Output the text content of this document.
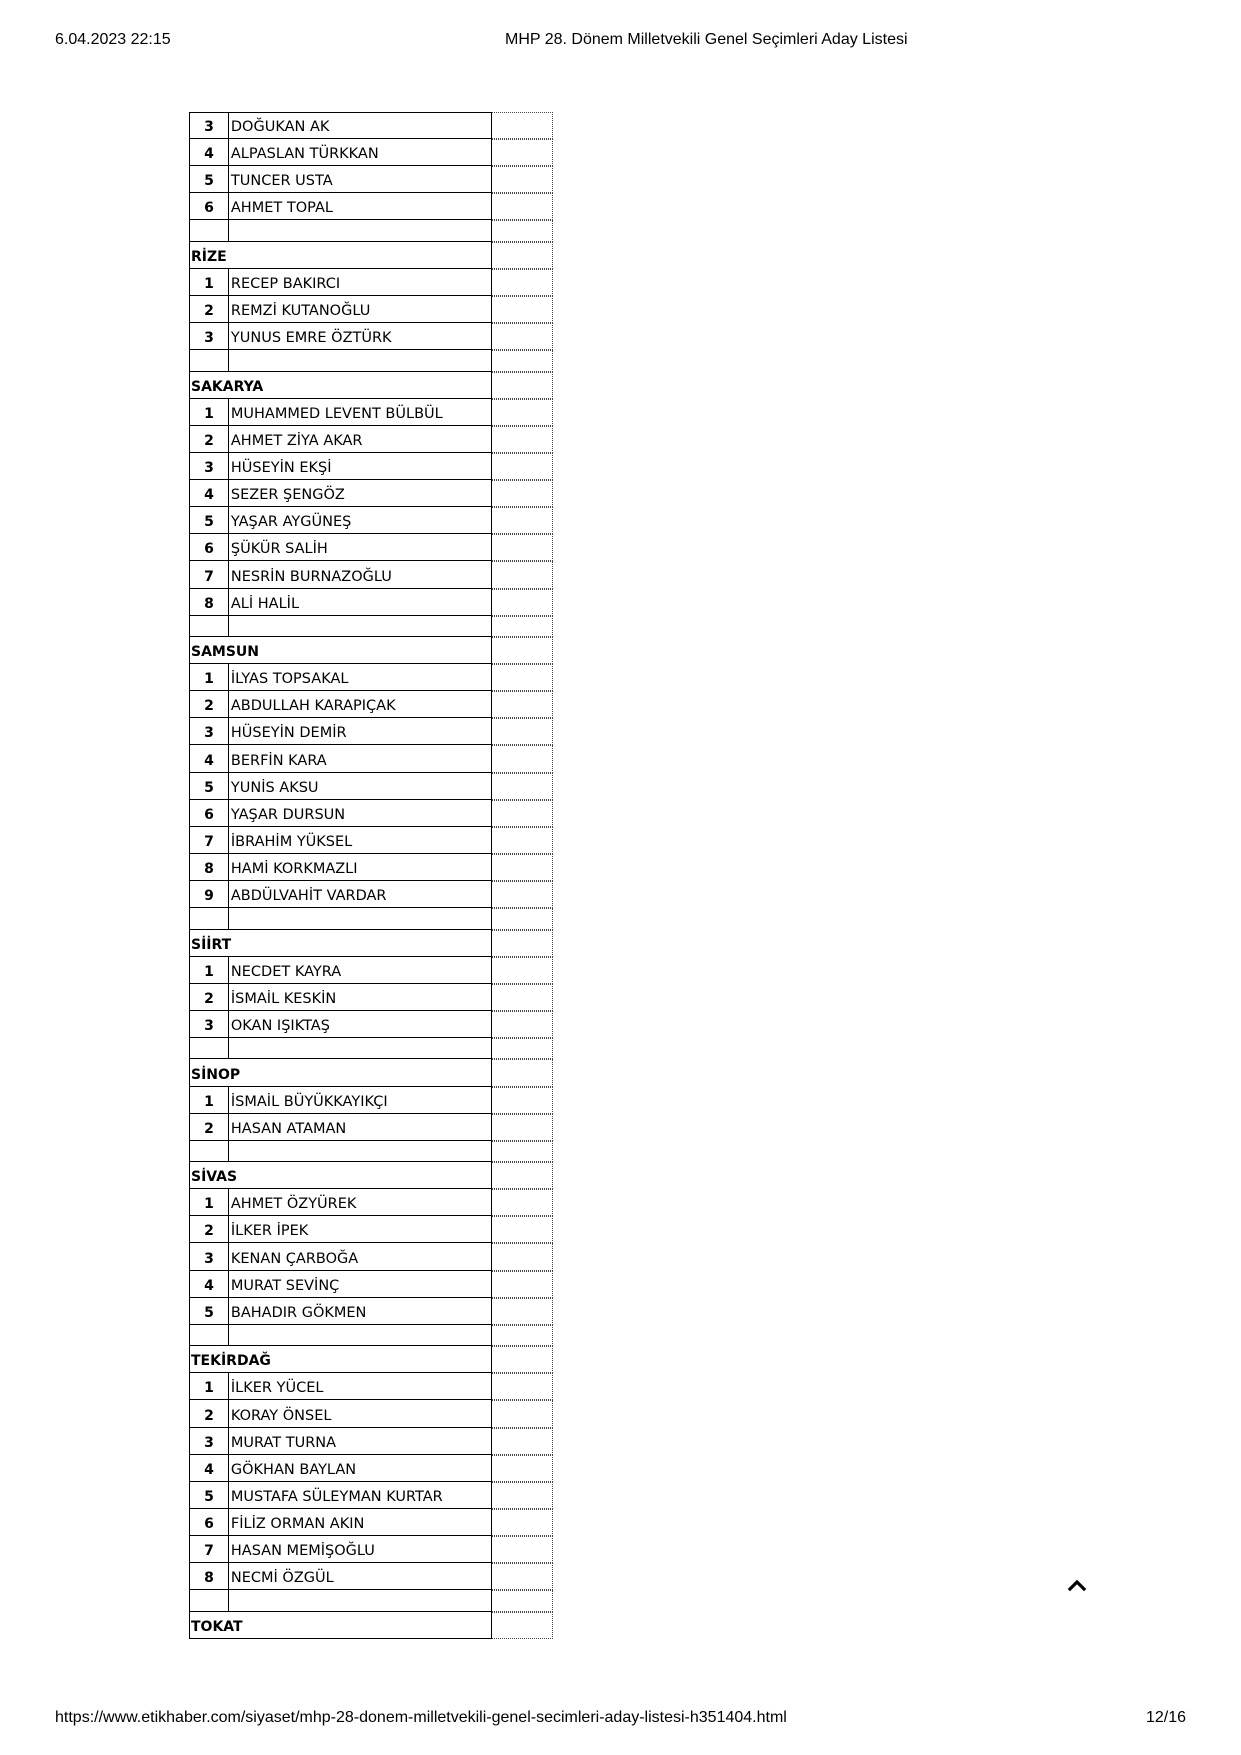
6.04.2023 22:15	MHP 28. Dönem Milletvekili Genel Seçimleri Aday Listesi
3	DOĞUKAN AK
4	ALPASLAN TÜRKKAN
5	TUNCER USTA
6	AHMET TOPAL
RİZE
1	RECEP BAKIRCI
2	REMZİ KUTANOĞLU
3	YUNUS EMRE ÖZTÜRK
SAKARYA
1	MUHAMMED LEVENT BÜLBÜL
2	AHMET ZİYA AKAR
3	HÜSEYİN EKŞİ
4	SEZER ŞENGÖZ
5	YAŞAR AYGÜNEŞ
6	ŞÜKÜR SALİH
7	NESRİN BURNAZOĞLU
8	ALİ HALİL
SAMSUN
1	İLYAS TOPSAKAL
2	ABDULLAH KARAPIÇAK
3	HÜSEYİN DEMİR
4	BERFİN KARA
5	YUNİS AKSU
6	YAŞAR DURSUN
7	İBRAHİM YÜKSEL
8	HAMİ KORKMAZLI
9	ABDÜLVAHİT VARDAR
SİİRT
1	NECDET KAYRA
2	İSMAİL KESKİN
3	OKAN IŞIKTAŞ
SİNOP
1	İSMAİL BÜYÜKKAYIKÇI
2	HASAN ATAMAN
SİVAS
1	AHMET ÖZYÜREK
2	İLKER İPEK
3	KENAN ÇARBOĞA
4	MURAT SEVİNÇ
5	BAHADIR GÖKMEN
TEKİRDAĞ
1	İLKER YÜCEL
2	KORAY ÖNSEL
3	MURAT TURNA
4	GÖKHAN BAYLAN
5	MUSTAFA SÜLEYMAN KURTAR
6	FİLİZ ORMAN AKIN
7	HASAN MEMİŞOĞLU
8	NECMİ ÖZGÜL
TOKAT
https://www.etikhaber.com/siyaset/mhp-28-donem-milletvekili-genel-secimleri-aday-listesi-h351404.html	12/16
